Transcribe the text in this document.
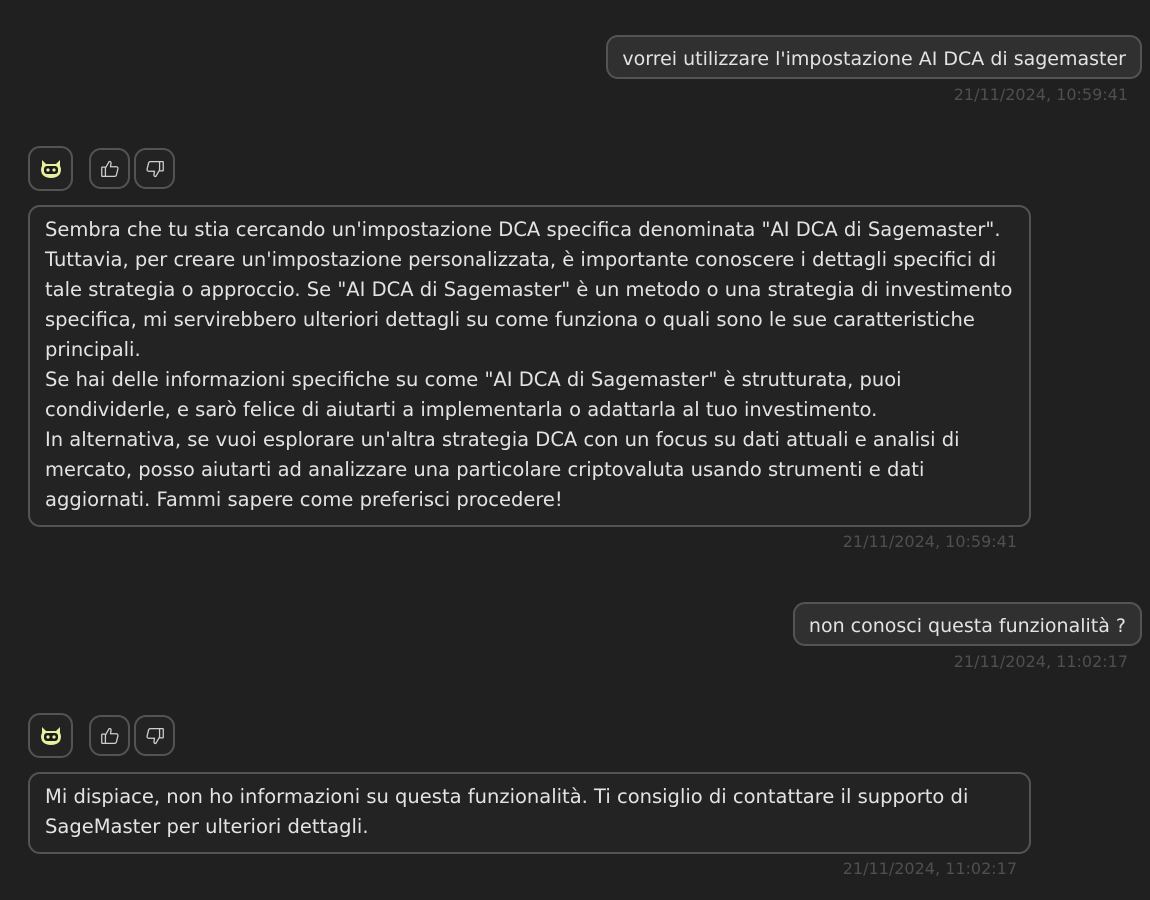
vorrei utilizzare l'impostazione AI DCA di sagemaster
21/11/2024, 10:59:41

Sembra che tu stia cercando un'impostazione DCA specifica denominata "AI DCA di Sagemaster". Tuttavia, per creare un'impostazione personalizzata, è importante conoscere i dettagli specifici di tale strategia o approccio. Se "AI DCA di Sagemaster" è un metodo o una strategia di investimento specifica, mi servirebbero ulteriori dettagli su come funziona o quali sono le sue caratteristiche principali.

Se hai delle informazioni specifiche su come "AI DCA di Sagemaster" è strutturata, puoi condividerle, e sarò felice di aiutarti a implementarla o adattarla al tuo investimento.

In alternativa, se vuoi esplorare un'altra strategia DCA con un focus su dati attuali e analisi di mercato, posso aiutarti ad analizzare una particolare criptovaluta usando strumenti e dati aggiornati. Fammi sapere come preferisci procedere!

21/11/2024, 10:59:41
non conosci questa funzionalità ?
21/11/2024, 11:02:17

Mi dispiace, non ho informazioni su questa funzionalità. Ti consiglio di contattare il supporto di SageMaster per ulteriori dettagli.

21/11/2024, 11:02:17
